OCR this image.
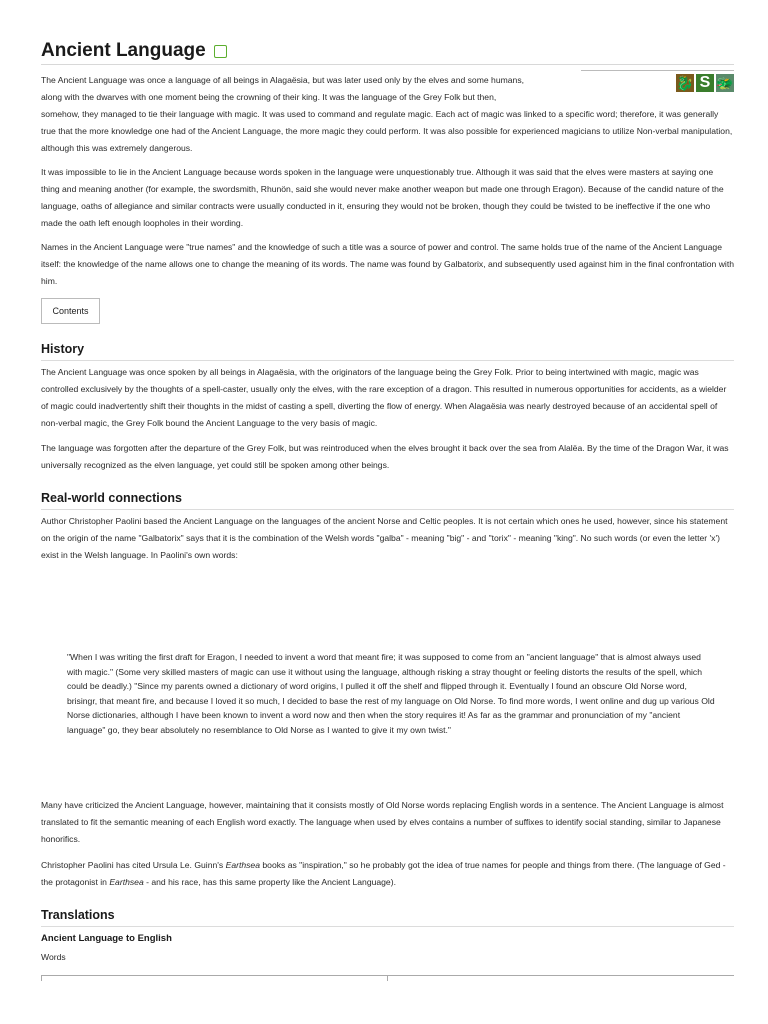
Ancient Language
🐉 S 🐲

The Ancient Language was once a language of all beings in Alagaësia, but was later used only by the elves and some humans,

along with the dwarves with one moment being the crowning of their king. It was the language of the Grey Folk but then,

somehow, they managed to tie their language with magic. It was used to command and regulate magic. Each act of magic was linked to a specific word; therefore, it was generally true that the more knowledge one had of the Ancient Language, the more magic they could perform. It was also possible for experienced magicians to utilize Non-verbal manipulation, although this was extremely dangerous.

It was impossible to lie in the Ancient Language because words spoken in the language were unquestionably true. Although it was said that the elves were masters at saying one thing and meaning another (for example, the swordsmith, Rhunön, said she would never make another weapon but made one through Eragon). Because of the candid nature of the language, oaths of allegiance and similar contracts were usually conducted in it, ensuring they would not be broken, though they could be twisted to be ineffective if the one who made the oath left enough loopholes in their wording.

Names in the Ancient Language were "true names" and the knowledge of such a title was a source of power and control. The same holds true of the name of the Ancient Language itself: the knowledge of the name allows one to change the meaning of its words. The name was found by Galbatorix, and subsequently used against him in the final confrontation with him.

Contents
History

The Ancient Language was once spoken by all beings in Alagaësia, with the originators of the language being the Grey Folk. Prior to being intertwined with magic, magic was controlled exclusively by the thoughts of a spell-caster, usually only the elves, with the rare exception of a dragon. This resulted in numerous opportunities for accidents, as a wielder of magic could inadvertently shift their thoughts in the midst of casting a spell, diverting the flow of energy. When Alagaësia was nearly destroyed because of an accidental spell of non-verbal magic, the Grey Folk bound the Ancient Language to the very basis of magic.

The language was forgotten after the departure of the Grey Folk, but was reintroduced when the elves brought it back over the sea from Alalëa. By the time of the Dragon War, it was universally recognized as the elven language, yet could still be spoken among other beings.

Real-world connections

Author Christopher Paolini based the Ancient Language on the languages of the ancient Norse and Celtic peoples. It is not certain which ones he used, however, since his statement on the origin of the name "Galbatorix" says that it is the combination of the Welsh words "galba" - meaning "big" - and "torix" - meaning "king". No such words (or even the letter 'x') exist in the Welsh language. In Paolini's own words:

"When I was writing the first draft for Eragon, I needed to invent a word that meant fire; it was supposed to come from an "ancient language" that is almost always used with magic." (Some very skilled masters of magic can use it without using the language, although risking a stray thought or feeling distorts the results of the spell, which could be deadly.) "Since my parents owned a dictionary of word origins, I pulled it off the shelf and flipped through it. Eventually I found an obscure Old Norse word, brisingr, that meant fire, and because I loved it so much, I decided to base the rest of my language on Old Norse. To find more words, I went online and dug up various Old Norse dictionaries, although I have been known to invent a word now and then when the story requires it! As far as the grammar and pronunciation of my "ancient language" go, they bear absolutely no resemblance to Old Norse as I wanted to give it my own twist."

Many have criticized the Ancient Language, however, maintaining that it consists mostly of Old Norse words replacing English words in a sentence. The Ancient Language is almost translated to fit the semantic meaning of each English word exactly. The language when used by elves contains a number of suffixes to identify social standing, similar to Japanese honorifics.

Christopher Paolini has cited Ursula Le. Guinn's Earthsea books as "inspiration," so he probably got the idea of true names for people and things from there. (The language of Ged - the protagonist in Earthsea - and his race, has this same property like the Ancient Language).

Translations
Ancient Language to English
Words
